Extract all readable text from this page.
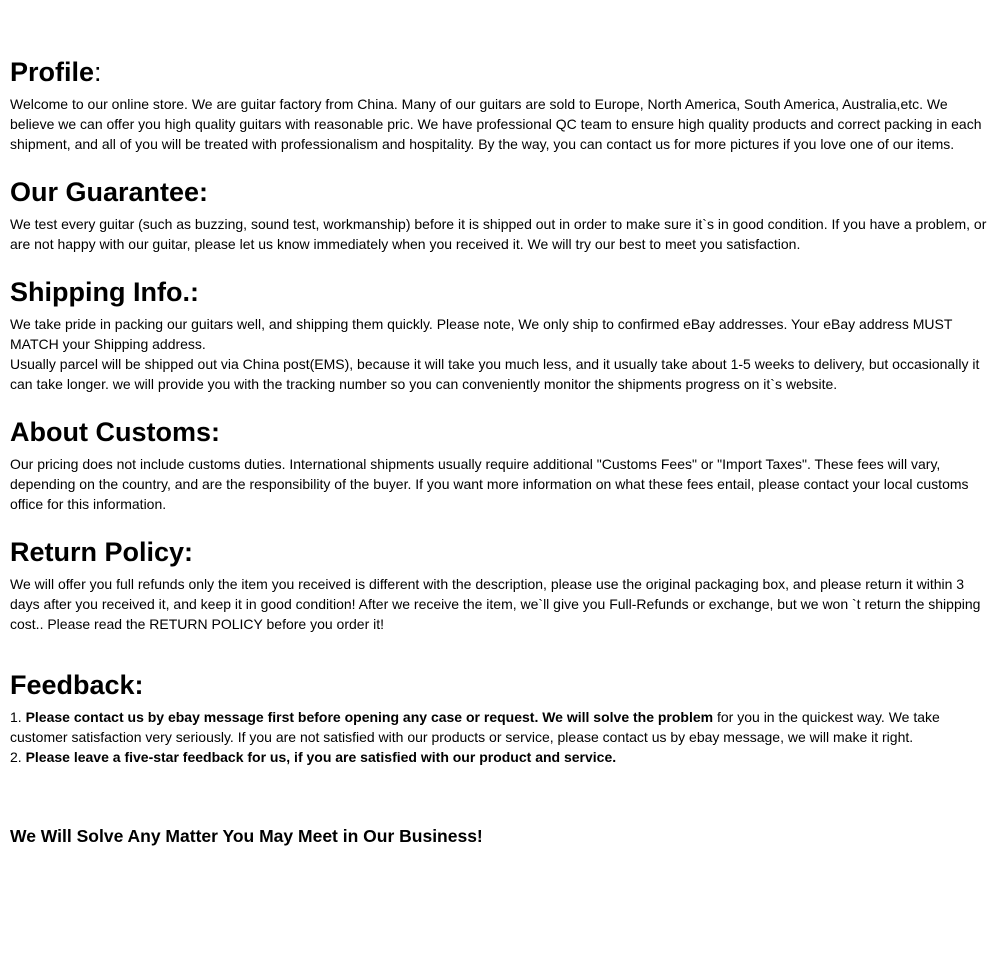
Profile:

Welcome to our online store. We are guitar factory from China. Many of our guitars are sold to Europe, North America, South America, Australia,etc. We believe we can offer you high quality guitars with reasonable pric. We have professional QC team to ensure high quality products and correct packing in each shipment, and all of you will be treated with professionalism and hospitality. By the way, you can contact us for more pictures if you love one of our items.

Our Guarantee:

We test every guitar (such as buzzing, sound test, workmanship) before it is shipped out in order to make sure it`s in good condition. If you have a problem, or are not happy with our guitar, please let us know immediately when you received it. We will try our best to meet you satisfaction.

Shipping Info.:

We take pride in packing our guitars well, and shipping them quickly. Please note, We only ship to confirmed eBay addresses. Your eBay address MUST MATCH your Shipping address.

Usually parcel will be shipped out via China post(EMS), because it will take you much less, and it usually take about 1-5 weeks to delivery, but occasionally it can take longer. we will provide you with the tracking number so you can conveniently monitor the shipments progress on it`s website.

About Customs:

Our pricing does not include customs duties. International shipments usually require additional "Customs Fees" or "Import Taxes". These fees will vary, depending on the country, and are the responsibility of the buyer. If you want more information on what these fees entail, please contact your local customs office for this information.

Return Policy:

We will offer you full refunds only the item you received is different with the description, please use the original packaging box, and please return it within 3 days after you received it, and keep it in good condition! After we receive the item, we`ll give you Full-Refunds or exchange, but we won `t return the shipping cost.. Please read the RETURN POLICY before you order it!

Feedback:

1. Please contact us by ebay message first before opening any case or request. We will solve the problem for you in the quickest way. We take customer satisfaction very seriously. If you are not satisfied with our products or service, please contact us by ebay message, we will make it right.

2. Please leave a five-star feedback for us, if you are satisfied with our product and service.

We Will Solve Any Matter You May Meet in Our Business!
